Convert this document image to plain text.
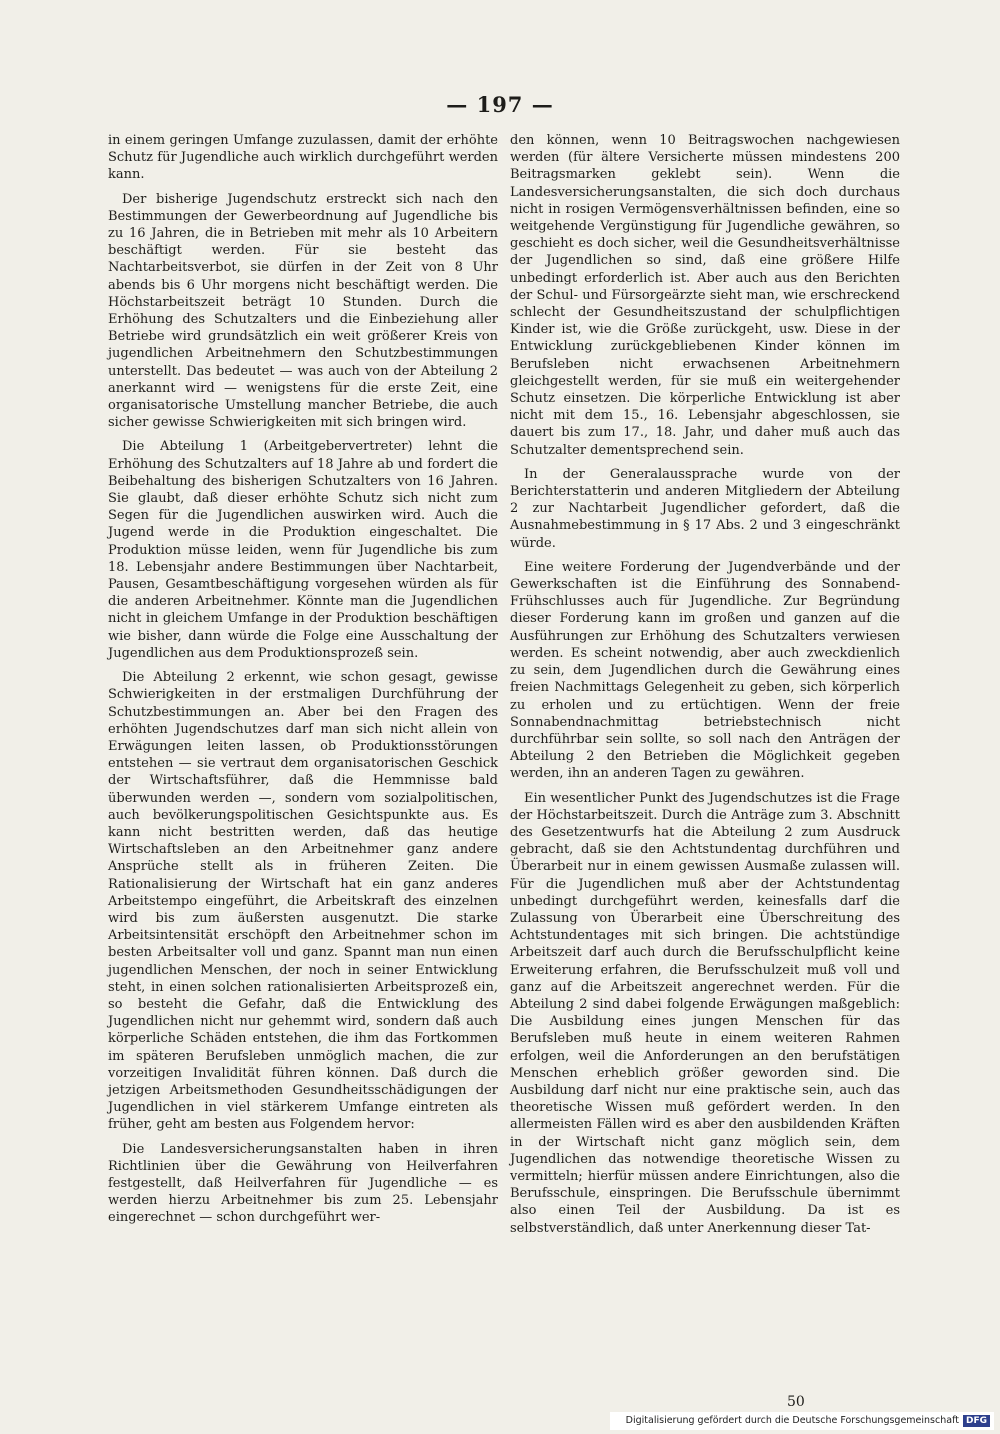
— 197 —

in einem geringen Umfange zuzulassen, damit der erhöhte Schutz für Jugendliche auch wirklich durchgeführt werden kann.

Der bisherige Jugendschutz erstreckt sich nach den Bestimmungen der Gewerbeordnung auf Jugendliche bis zu 16 Jahren, die in Betrieben mit mehr als 10 Arbeitern beschäftigt werden. Für sie besteht das Nachtarbeitsverbot, sie dürfen in der Zeit von 8 Uhr abends bis 6 Uhr morgens nicht beschäftigt werden. Die Höchstarbeitszeit beträgt 10 Stunden. Durch die Erhöhung des Schutzalters und die Einbeziehung aller Betriebe wird grundsätzlich ein weit größerer Kreis von jugendlichen Arbeitnehmern den Schutzbestimmungen unterstellt. Das bedeutet — was auch von der Abteilung 2 anerkannt wird — wenigstens für die erste Zeit, eine organisatorische Umstellung mancher Betriebe, die auch sicher gewisse Schwierigkeiten mit sich bringen wird.

Die Abteilung 1 (Arbeitgebervertreter) lehnt die Erhöhung des Schutzalters auf 18 Jahre ab und fordert die Beibehaltung des bisherigen Schutzalters von 16 Jahren. Sie glaubt, daß dieser erhöhte Schutz sich nicht zum Segen für die Jugendlichen auswirken wird. Auch die Jugend werde in die Produktion eingeschaltet. Die Produktion müsse leiden, wenn für Jugendliche bis zum 18. Lebensjahr andere Bestimmungen über Nachtarbeit, Pausen, Gesamtbeschäftigung vorgesehen würden als für die anderen Arbeitnehmer. Könnte man die Jugendlichen nicht in gleichem Umfange in der Produktion beschäftigen wie bisher, dann würde die Folge eine Ausschaltung der Jugendlichen aus dem Produktionsprozeß sein.

Die Abteilung 2 erkennt, wie schon gesagt, gewisse Schwierigkeiten in der erstmaligen Durchführung der Schutzbestimmungen an. Aber bei den Fragen des erhöhten Jugendschutzes darf man sich nicht allein von Erwägungen leiten lassen, ob Produktionsstörungen entstehen — sie vertraut dem organisatorischen Geschick der Wirtschaftsführer, daß die Hemmnisse bald überwunden werden —, sondern vom sozialpolitischen, auch bevölkerungspolitischen Gesichtspunkte aus. Es kann nicht bestritten werden, daß das heutige Wirtschaftsleben an den Arbeitnehmer ganz andere Ansprüche stellt als in früheren Zeiten. Die Rationalisierung der Wirtschaft hat ein ganz anderes Arbeitstempo eingeführt, die Arbeitskraft des einzelnen wird bis zum äußersten ausgenutzt. Die starke Arbeitsintensität erschöpft den Arbeitnehmer schon im besten Arbeitsalter voll und ganz. Spannt man nun einen jugendlichen Menschen, der noch in seiner Entwicklung steht, in einen solchen rationalisierten Arbeitsprozeß ein, so besteht die Gefahr, daß die Entwicklung des Jugendlichen nicht nur gehemmt wird, sondern daß auch körperliche Schäden entstehen, die ihm das Fortkommen im späteren Berufsleben unmöglich machen, die zur vorzeitigen Invalidität führen können. Daß durch die jetzigen Arbeitsmethoden Gesundheitsschädigungen der Jugendlichen in viel stärkerem Umfange eintreten als früher, geht am besten aus Folgendem hervor:

Die Landesversicherungsanstalten haben in ihren Richtlinien über die Gewährung von Heilverfahren festgestellt, daß Heilverfahren für Jugendliche — es werden hierzu Arbeitnehmer bis zum 25. Lebensjahr eingerechnet — schon durchgeführt wer-

den können, wenn 10 Beitragswochen nachgewiesen werden (für ältere Versicherte müssen mindestens 200 Beitragsmarken geklebt sein). Wenn die Landesversicherungsanstalten, die sich doch durchaus nicht in rosigen Vermögensverhältnissen befinden, eine so weitgehende Vergünstigung für Jugendliche gewähren, so geschieht es doch sicher, weil die Gesundheitsverhältnisse der Jugendlichen so sind, daß eine größere Hilfe unbedingt erforderlich ist. Aber auch aus den Berichten der Schul- und Fürsorgeärzte sieht man, wie erschreckend schlecht der Gesundheitszustand der schulpflichtigen Kinder ist, wie die Größe zurückgeht, usw. Diese in der Entwicklung zurückgebliebenen Kinder können im Berufsleben nicht erwachsenen Arbeitnehmern gleichgestellt werden, für sie muß ein weitergehender Schutz einsetzen. Die körperliche Entwicklung ist aber nicht mit dem 15., 16. Lebensjahr abgeschlossen, sie dauert bis zum 17., 18. Jahr, und daher muß auch das Schutzalter dementsprechend sein.

In der Generalaussprache wurde von der Berichterstatterin und anderen Mitgliedern der Abteilung 2 zur Nachtarbeit Jugendlicher gefordert, daß die Ausnahmebestimmung in § 17 Abs. 2 und 3 eingeschränkt würde.

Eine weitere Forderung der Jugendverbände und der Gewerkschaften ist die Einführung des Sonnabend-Frühschlusses auch für Jugendliche. Zur Begründung dieser Forderung kann im großen und ganzen auf die Ausführungen zur Erhöhung des Schutzalters verwiesen werden. Es scheint notwendig, aber auch zweckdienlich zu sein, dem Jugendlichen durch die Gewährung eines freien Nachmittags Gelegenheit zu geben, sich körperlich zu erholen und zu ertüchtigen. Wenn der freie Sonnabendnachmittag betriebstechnisch nicht durchführbar sein sollte, so soll nach den Anträgen der Abteilung 2 den Betrieben die Möglichkeit gegeben werden, ihn an anderen Tagen zu gewähren.

Ein wesentlicher Punkt des Jugendschutzes ist die Frage der Höchstarbeitszeit. Durch die Anträge zum 3. Abschnitt des Gesetzentwurfs hat die Abteilung 2 zum Ausdruck gebracht, daß sie den Achtstundentag durchführen und Überarbeit nur in einem gewissen Ausmaße zulassen will. Für die Jugendlichen muß aber der Achtstundentag unbedingt durchgeführt werden, keinesfalls darf die Zulassung von Überarbeit eine Überschreitung des Achtstundentages mit sich bringen. Die achtstündige Arbeitszeit darf auch durch die Berufsschulpflicht keine Erweiterung erfahren, die Berufsschulzeit muß voll und ganz auf die Arbeitszeit angerechnet werden. Für die Abteilung 2 sind dabei folgende Erwägungen maßgeblich: Die Ausbildung eines jungen Menschen für das Berufsleben muß heute in einem weiteren Rahmen erfolgen, weil die Anforderungen an den berufstätigen Menschen erheblich größer geworden sind. Die Ausbildung darf nicht nur eine praktische sein, auch das theoretische Wissen muß gefördert werden. In den allermeisten Fällen wird es aber den ausbildenden Kräften in der Wirtschaft nicht ganz möglich sein, dem Jugendlichen das notwendige theoretische Wissen zu vermitteln; hierfür müssen andere Einrichtungen, also die Berufsschule, einspringen. Die Berufsschule übernimmt also einen Teil der Ausbildung. Da ist es selbstverständlich, daß unter Anerkennung dieser Tat-

50
Digitalisierung gefördert durch die Deutsche Forschungsgemeinschaft DFG
